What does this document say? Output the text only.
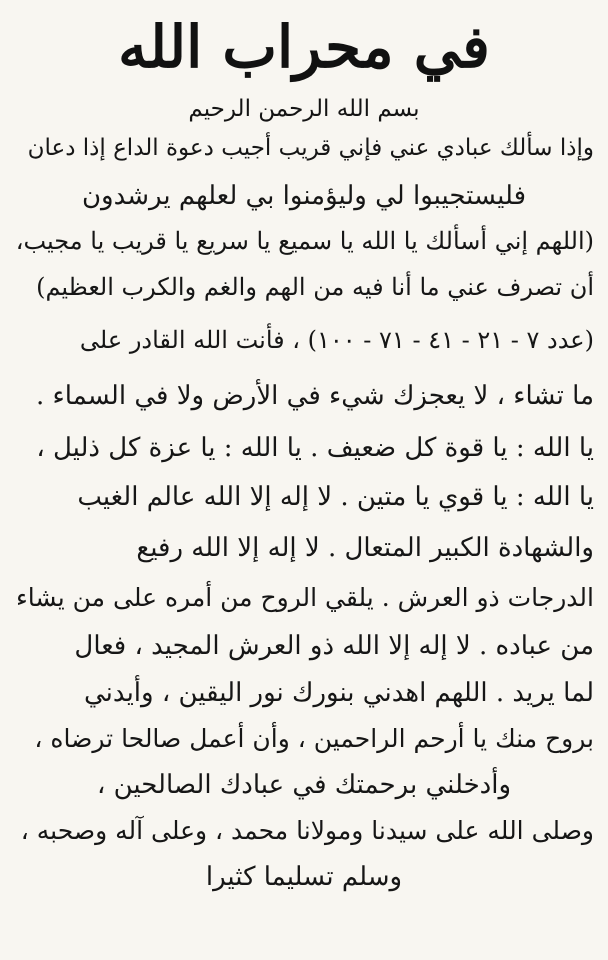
في محراب الله
بسم الله الرحمن الرحيم
وإذا سألك عبادي عني فإني قريب أجيب دعوة الداع إذا دعان
فليستجيبوا لي وليؤمنوا بي لعلهم يرشدون
(اللهم إني أسألك يا الله يا سميع يا سريع يا قريب يا مجيب،
أن تصرف عني ما أنا فيه من الهم والغم والكرب العظيم)
(عدد ٧ - ٢١ - ٤١ - ٧١ - ١٠٠) ، فأنت الله القادر على
ما تشاء ، لا يعجزك شيء في الأرض ولا في السماء .
يا الله : يا قوة كل ضعيف . يا الله : يا عزة كل ذليل ،
يا الله : يا قوي يا متين . لا إله إلا الله عالم الغيب
والشهادة الكبير المتعال . لا إله إلا الله رفيع
الدرجات ذو العرش . يلقي الروح من أمره على من يشاء
من عباده . لا إله إلا الله ذو العرش المجيد ، فعال
لما يريد . اللهم اهدني بنورك نور اليقين ، وأيدني
بروح منك يا أرحم الراحمين ، وأن أعمل صالحا ترضاه ،
وأدخلني برحمتك في عبادك الصالحين ،
وصلى الله على سيدنا ومولانا محمد ، وعلى آله وصحبه ،
وسلم تسليما كثيرا
